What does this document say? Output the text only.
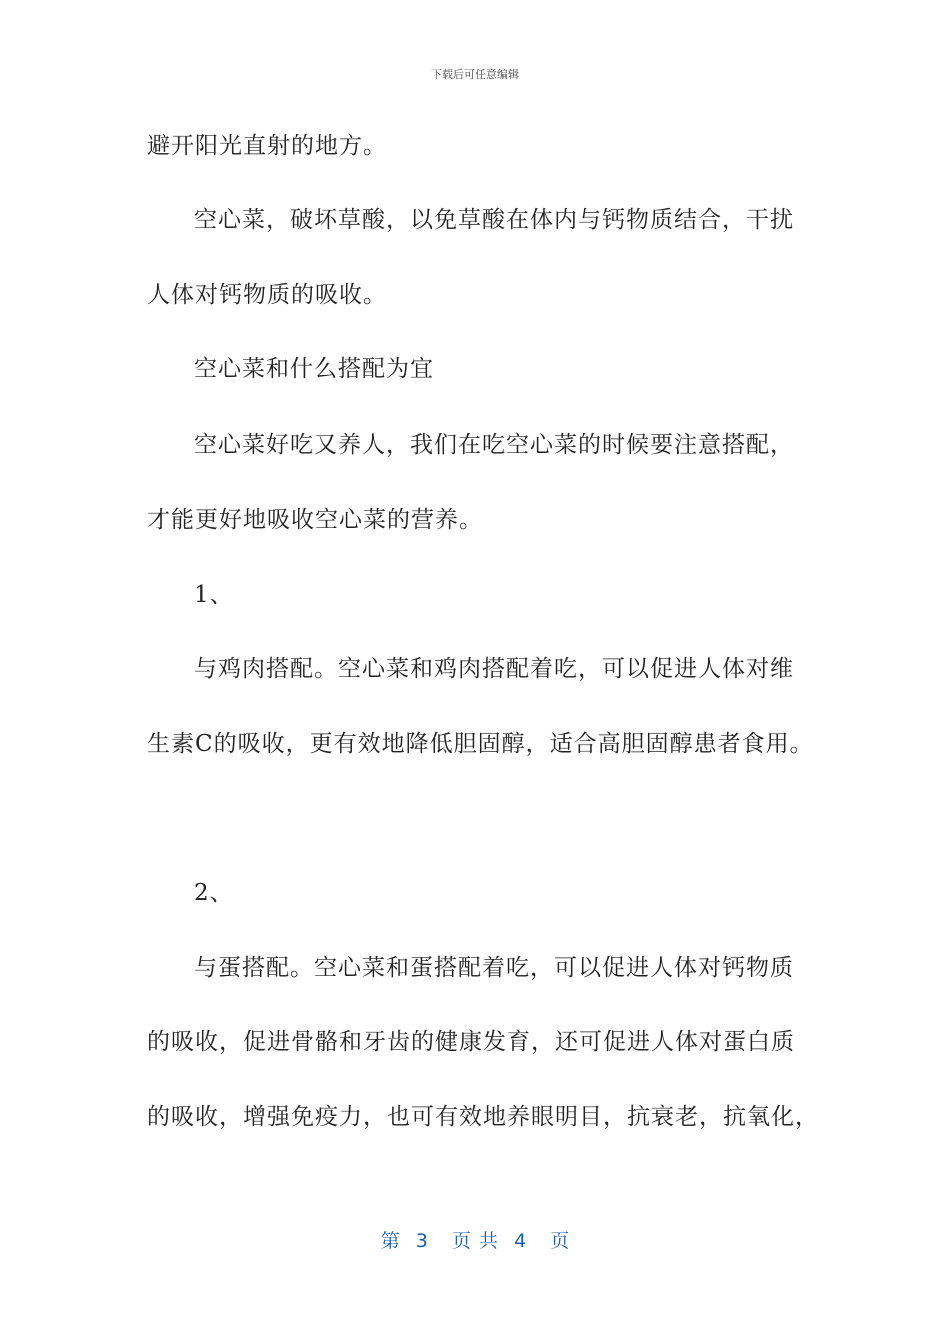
下载后可任意编辑
避开阳光直射的地方。
空心菜，破坏草酸，以免草酸在体内与钙物质结合，干扰
人体对钙物质的吸收。
空心菜和什么搭配为宜
空心菜好吃又养人，我们在吃空心菜的时候要注意搭配，
才能更好地吸收空心菜的营养。
1、
与鸡肉搭配。空心菜和鸡肉搭配着吃，可以促进人体对维
生素C的吸收，更有效地降低胆固醇，适合高胆固醇患者食用。
2、
与蛋搭配。空心菜和蛋搭配着吃，可以促进人体对钙物质
的吸收，促进骨骼和牙齿的健康发育，还可促进人体对蛋白质
的吸收，增强免疫力，也可有效地养眼明目，抗衰老，抗氧化，
第  3   页 共  4   页
